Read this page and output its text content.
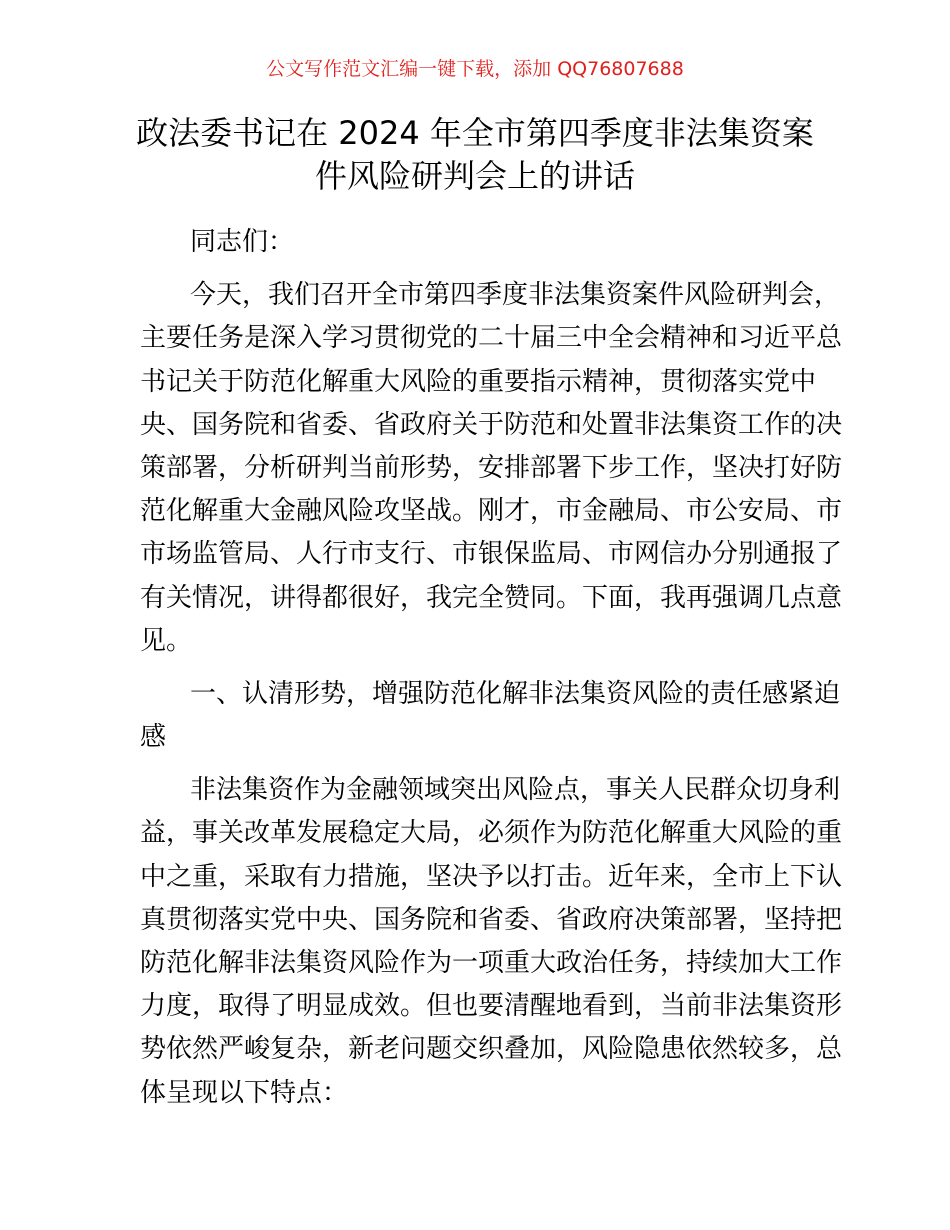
公文写作范文汇编一键下载，添加 QQ76807688
政法委书记在 2024 年全市第四季度非法集资案
件风险研判会上的讲话
同志们：
今天，我们召开全市第四季度非法集资案件风险研判会，
主要任务是深入学习贯彻党的二十届三中全会精神和习近平总
书记关于防范化解重大风险的重要指示精神，贯彻落实党中
央、国务院和省委、省政府关于防范和处置非法集资工作的决
策部署，分析研判当前形势，安排部署下步工作，坚决打好防
范化解重大金融风险攻坚战。刚才，市金融局、市公安局、市
市场监管局、人行市支行、市银保监局、市网信办分别通报了
有关情况，讲得都很好，我完全赞同。下面，我再强调几点意
见。
一、认清形势，增强防范化解非法集资风险的责任感紧迫
感
非法集资作为金融领域突出风险点，事关人民群众切身利
益，事关改革发展稳定大局，必须作为防范化解重大风险的重
中之重，采取有力措施，坚决予以打击。近年来，全市上下认
真贯彻落实党中央、国务院和省委、省政府决策部署，坚持把
防范化解非法集资风险作为一项重大政治任务，持续加大工作
力度，取得了明显成效。但也要清醒地看到，当前非法集资形
势依然严峻复杂，新老问题交织叠加，风险隐患依然较多，总
体呈现以下特点：
